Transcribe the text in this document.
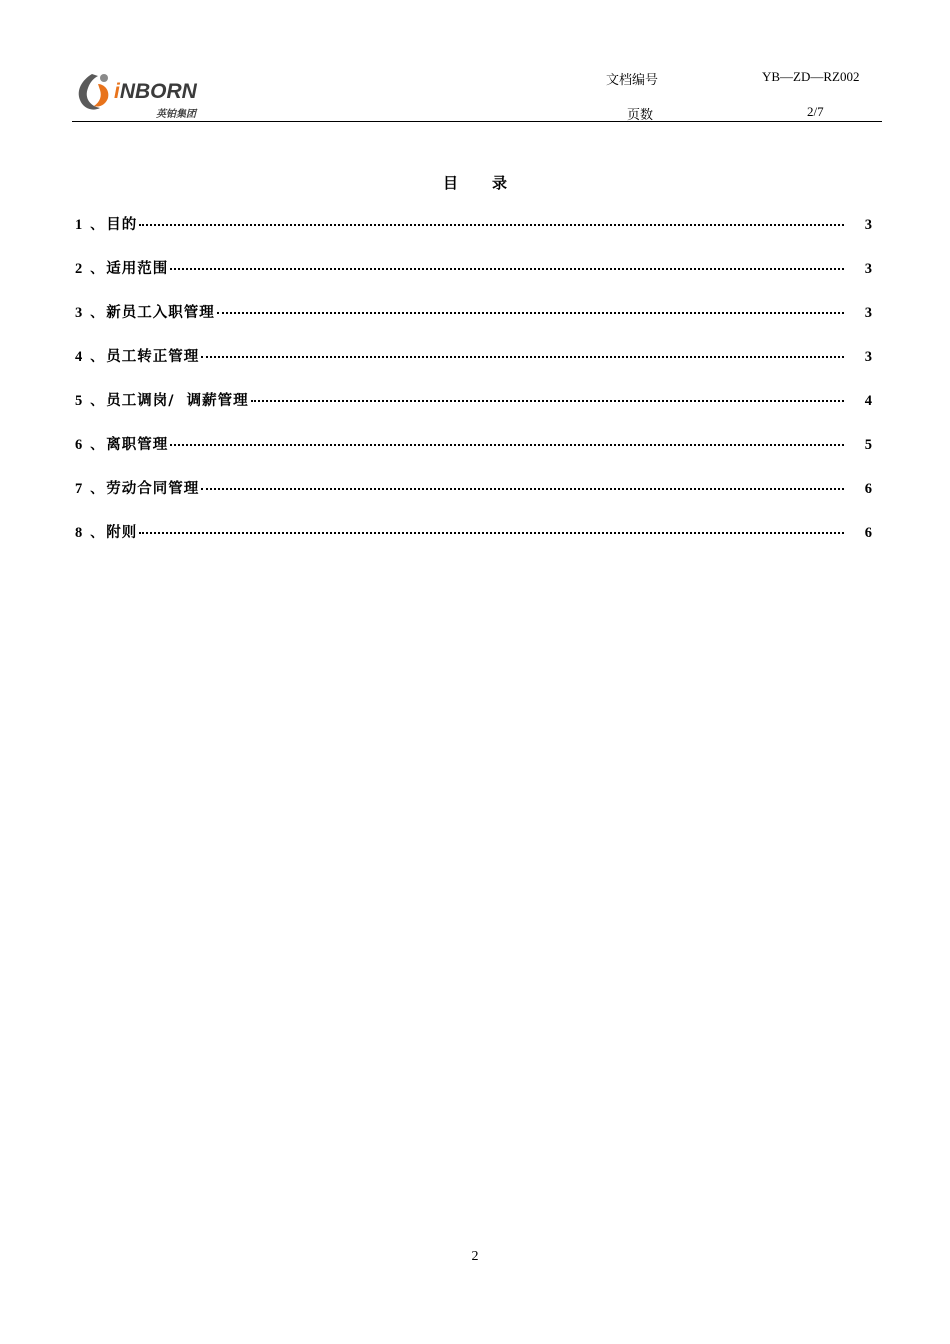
iNBORN
英铂集团
文档编号	YB—ZD—RZ002
页数	2/7
目 录
1 、 目的	3
2 、 适用范围	3
3 、 新员工入职管理	3
4 、 员工转正管理	3
5 、 员工调岗/  调薪管理	4
6 、 离职管理	5
7 、 劳动合同管理	6
8 、 附则	6
2
